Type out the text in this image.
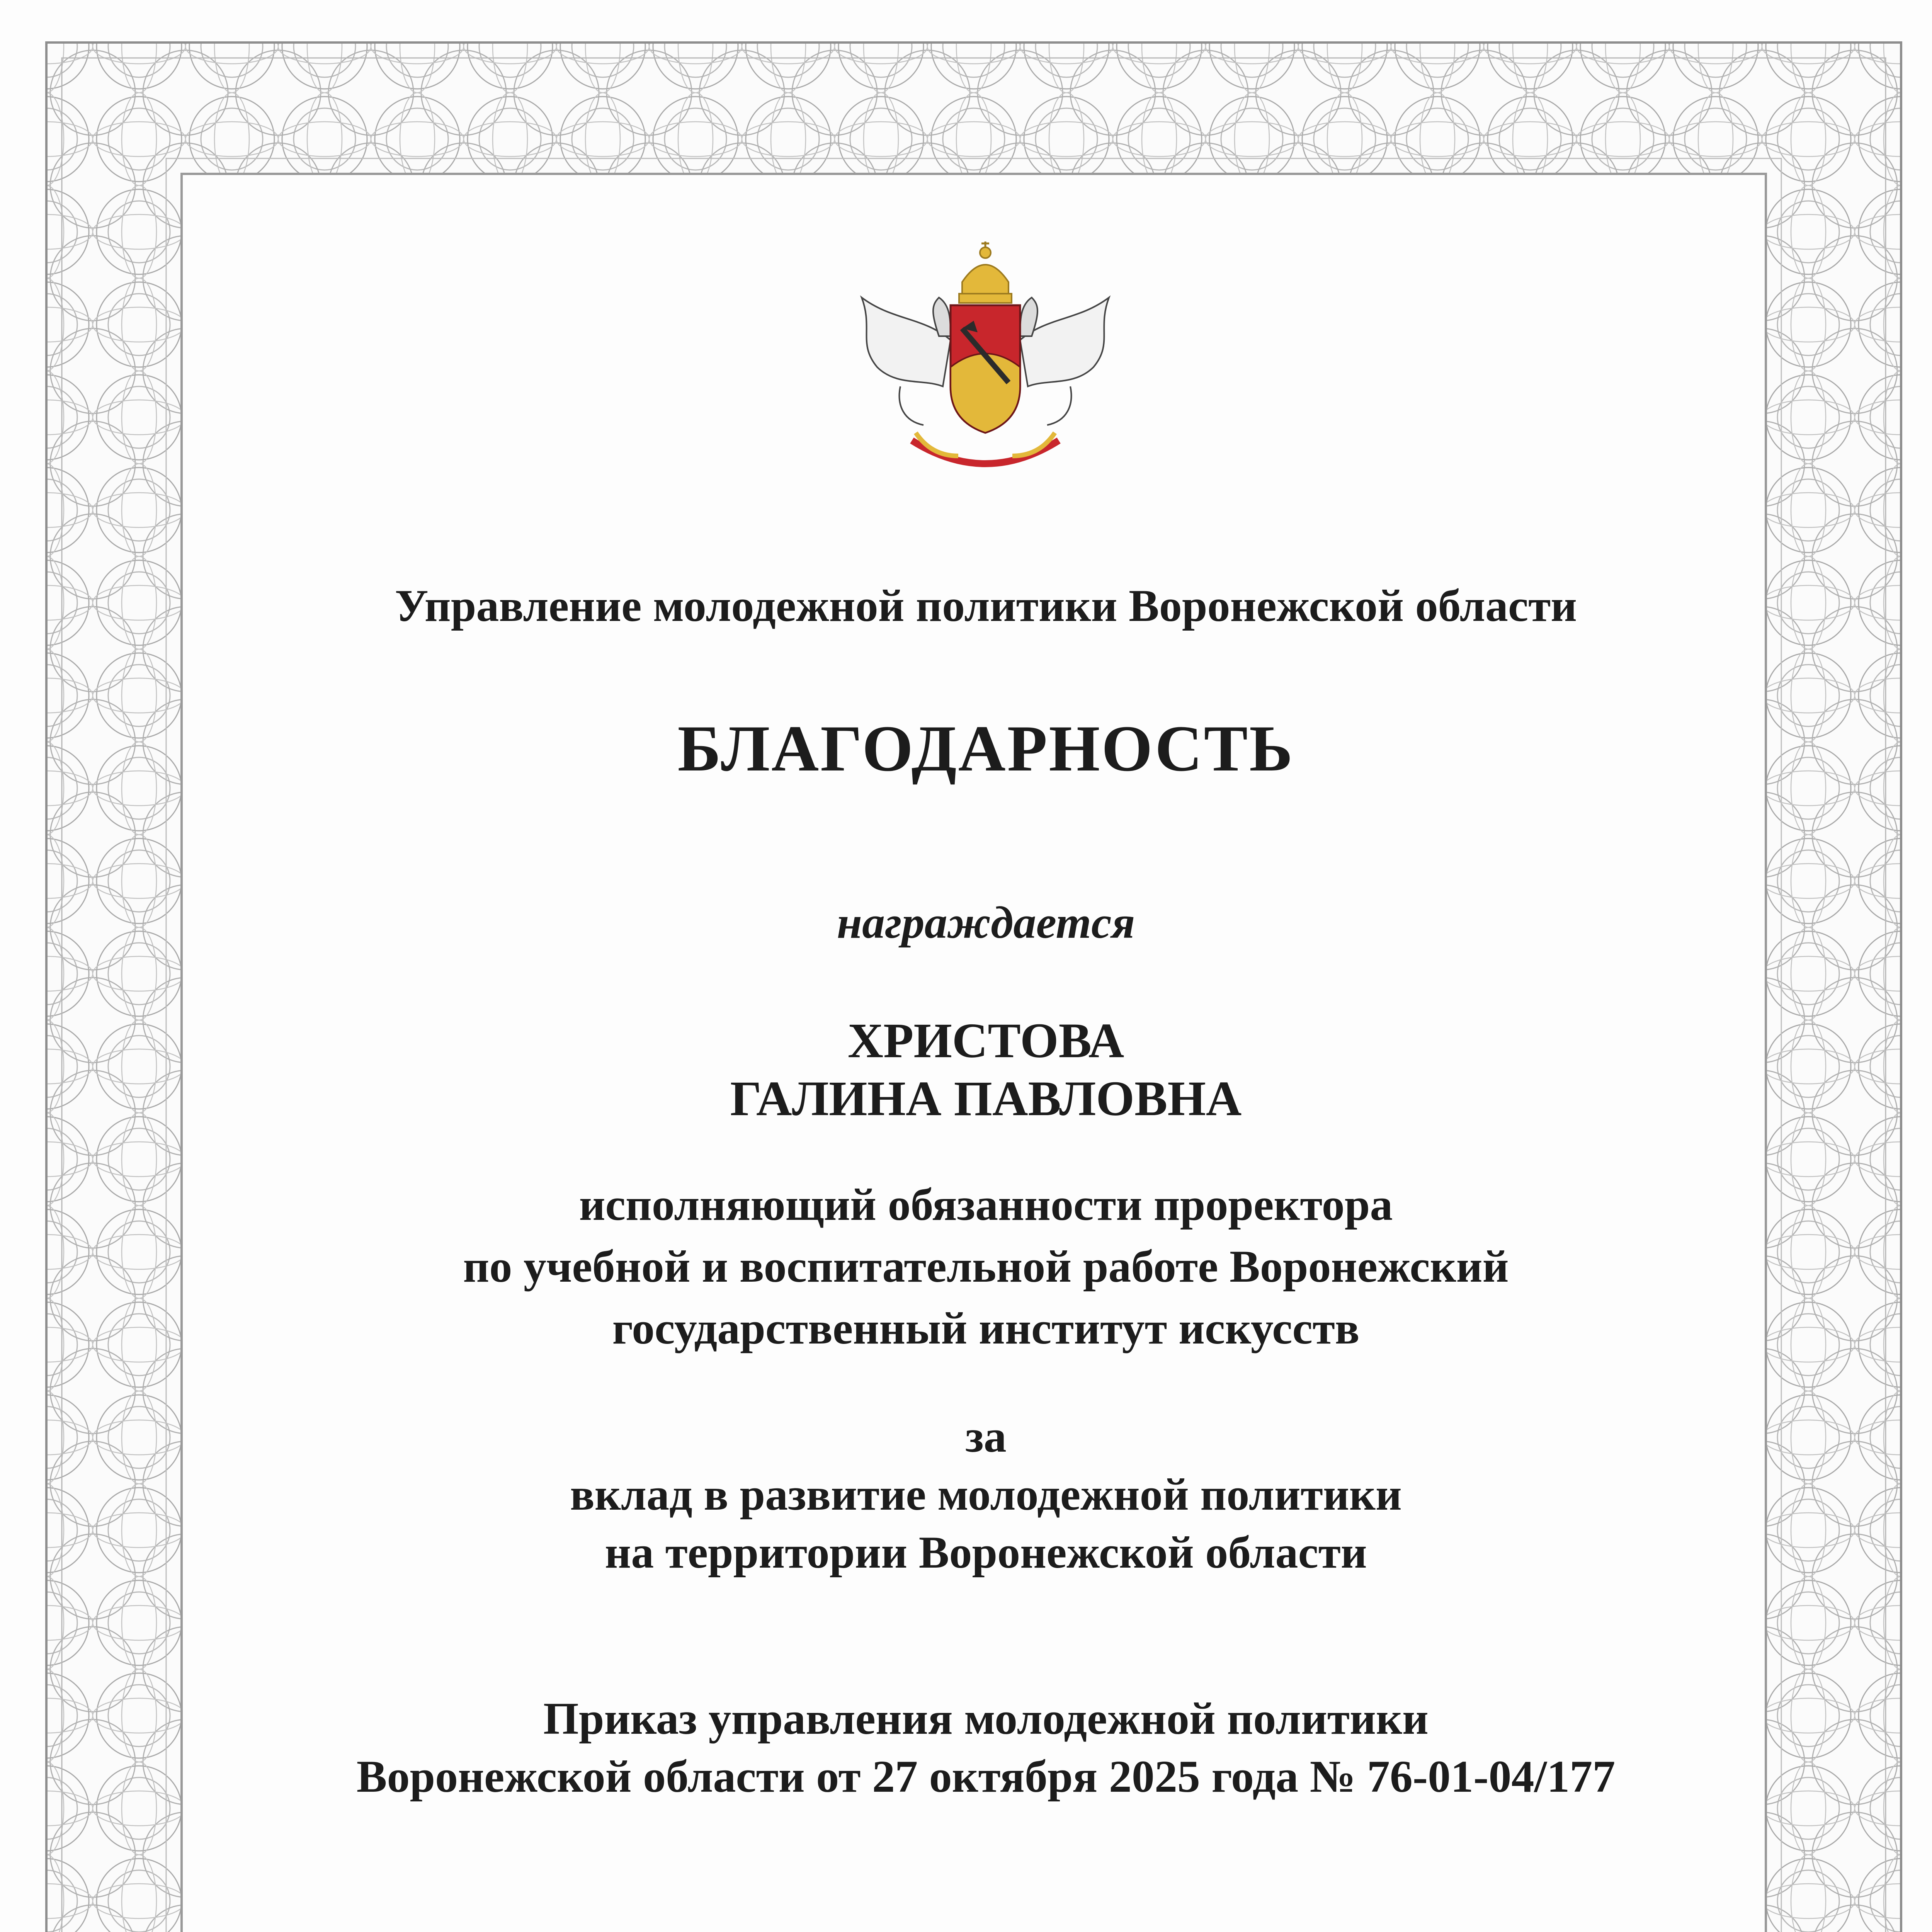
Управление молодежной политики Воронежской области
БЛАГОДАРНОСТЬ
награждается
ХРИСТОВА
ГАЛИНА ПАВЛОВНА
исполняющий обязанности проректора
по учебной и воспитательной работе Воронежский
государственный институт искусств
за
вклад в развитие молодежной политики
на территории Воронежской области
Приказ управления молодежной политики
Воронежской области от 27 октября 2025 года № 76-01-04/177
